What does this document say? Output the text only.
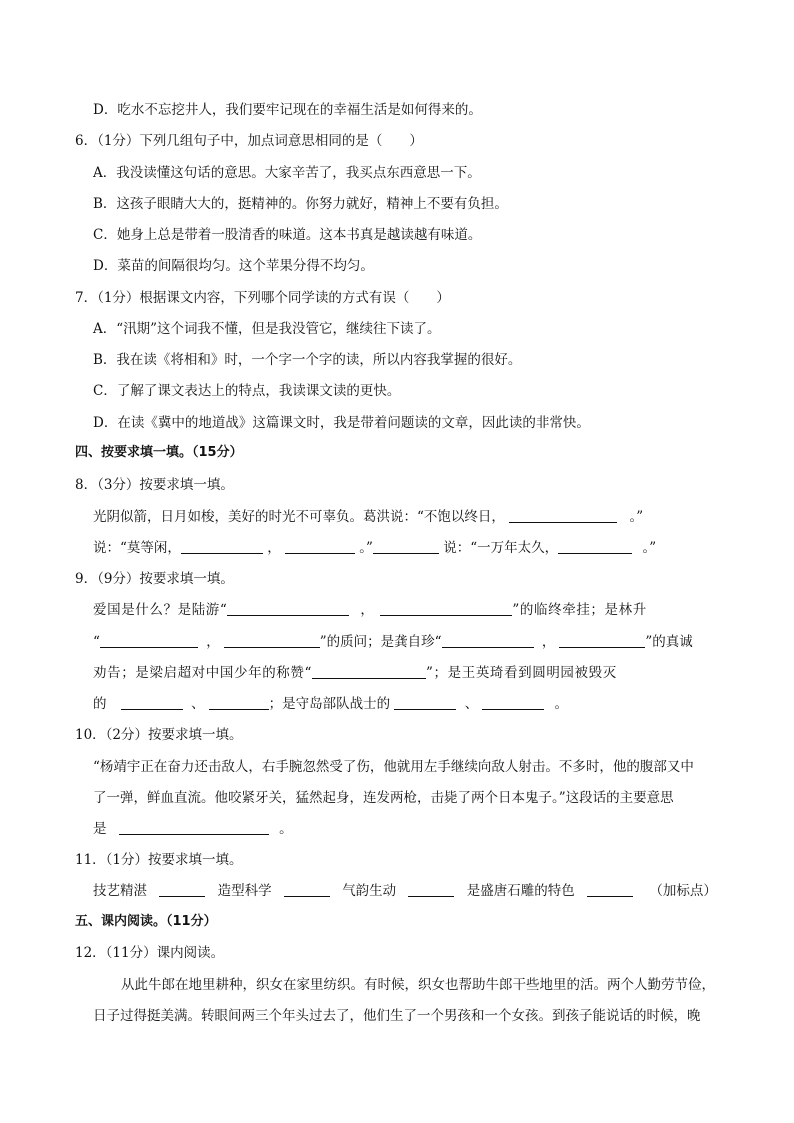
D．吃水不忘挖井人，我们要牢记现在的幸福生活是如何得来的。
6．（1分）下列几组句子中，加点词意思相同的是（　　）
A．我没读懂这句话的意思。大家辛苦了，我买点东西意思一下。
B．这孩子眼睛大大的，挺精神的。你努力就好，精神上不要有负担。
C．她身上总是带着一股清香的味道。这本书真是越读越有味道。
D．菜苗的间隔很均匀。这个苹果分得不均匀。
7．（1分）根据课文内容，下列哪个同学读的方式有误（　　）
A．“汛期”这个词我不懂，但是我没管它，继续往下读了。
B．我在读《将相和》时，一个字一个字的读，所以内容我掌握的很好。
C．了解了课文表达上的特点，我读课文读的更快。
D．在读《冀中的地道战》这篇课文时，我是带着问题读的文章，因此读的非常快。
四、按要求填一填。（15分）
8．（3分）按要求填一填。
光阴似箭，日月如梭，美好的时光不可辜负。葛洪说：“不饱以终日，	。”
说：“莫等闲，	，	。”	说：“一万年太久，	。”
9．（9分）按要求填一填。
爱国是什么？是陆游“	，	”的临终牵挂；是林升
“	，	”的质问；是龚自珍“	，	”的真诚
劝告；是梁启超对中国少年的称赞“	”；是王英琦看到圆明园被毁灭
的	、	；是守岛部队战士的	、	。
10．（2分）按要求填一填。
“杨靖宇正在奋力还击敌人，右手腕忽然受了伤，他就用左手继续向敌人射击。不多时，他的腹部又中
了一弹，鲜血直流。他咬紧牙关，猛然起身，连发两枪，击毙了两个日本鬼子。”这段话的主要意思
是	。
11．（1分）按要求填一填。
技艺精湛	造型科学	气韵生动	是盛唐石雕的特色	（加标点）
五、课内阅读。（11分）
12．（11分）课内阅读。
从此牛郎在地里耕种，织女在家里纺织。有时候，织女也帮助牛郎干些地里的活。两个人勤劳节俭，
日子过得挺美满。转眼间两三个年头过去了，他们生了一个男孩和一个女孩。到孩子能说话的时候，晚
